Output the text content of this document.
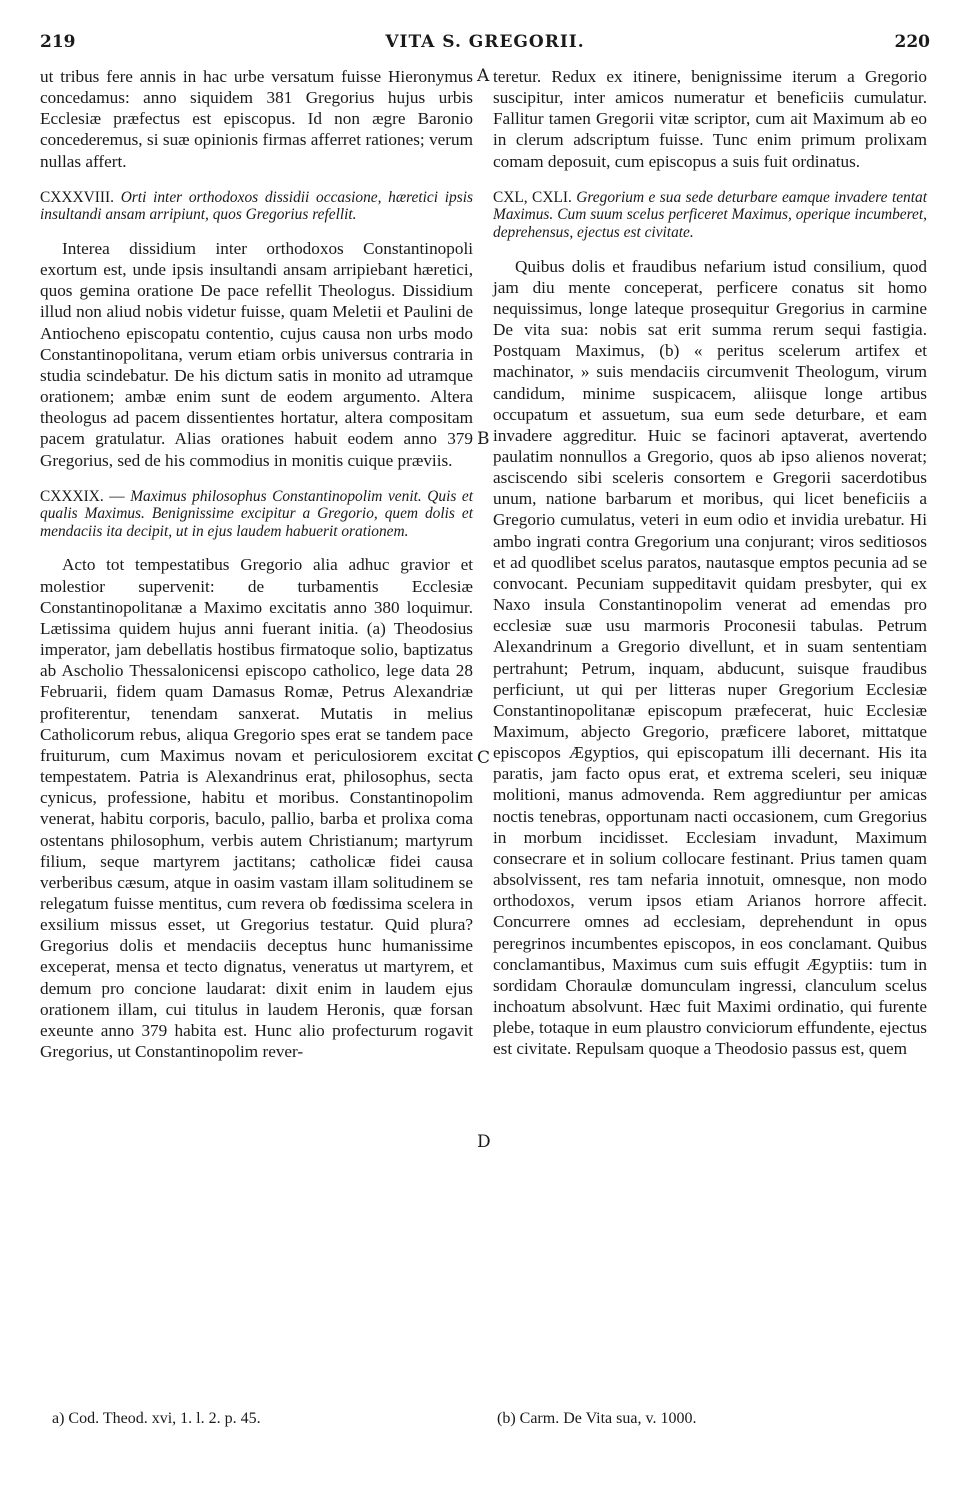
219	VITA S. GREGORII.	220

ut tribus fere annis in hac urbe versatum fuisse Hieronymus concedamus: anno siquidem 381 Gregorius hujus urbis Ecclesiæ præfectus est episcopus. Id non ægre Baronio concederemus, si suæ opinionis firmas afferret rationes; verum nullas affert.

CXXXVIII. Orti inter orthodoxos dissidii occasione, hæretici ipsis insultandi ansam arripiunt, quos Gregorius refellit.

Interea dissidium inter orthodoxos Constantinopoli exortum est, unde ipsis insultandi ansam arripiebant hæretici, quos gemina oratione De pace refellit Theologus. Dissidium illud non aliud nobis videtur fuisse, quam Meletii et Paulini de Antiocheno episcopatu contentio, cujus causa non urbs modo Constantinopolitana, verum etiam orbis universus contraria in studia scindebatur. De his dictum satis in monito ad utramque orationem; ambæ enim sunt de eodem argumento. Altera theologus ad pacem dissentientes hortatur, altera compositam pacem gratulatur. Alias orationes habuit eodem anno 379 Gregorius, sed de his commodius in monitis cuique præviis.

CXXXIX. — Maximus philosophus Constantinopolim venit. Quis et qualis Maximus. Benignissime excipitur a Gregorio, quem dolis et mendaciis ita decipit, ut in ejus laudem habuerit orationem.

Acto tot tempestatibus Gregorio alia adhuc gravior et molestior supervenit: de turbamentis Ecclesiæ Constantinopolitanæ a Maximo excitatis anno 380 loquimur. Lætissima quidem hujus anni fuerant initia. (a) Theodosius imperator, jam debellatis hostibus firmatoque solio, baptizatus ab Ascholio Thessalonicensi episcopo catholico, lege data 28 Februarii, fidem quam Damasus Romæ, Petrus Alexandriæ profiterentur, tenendam sanxerat. Mutatis in melius Catholicorum rebus, aliqua Gregorio spes erat se tandem pace fruiturum, cum Maximus novam et periculosiorem excitat tempestatem. Patria is Alexandrinus erat, philosophus, secta cynicus, professione, habitu et moribus. Constantinopolim venerat, habitu corporis, baculo, pallio, barba et prolixa coma ostentans philosophum, verbis autem Christianum; martyrum filium, seque martyrem jactitans; catholicæ fidei causa verberibus cæsum, atque in oasim vastam illam solitudinem se relegatum fuisse mentitus, cum revera ob fœdissima scelera in exsilium missus esset, ut Gregorius testatur. Quid plura? Gregorius dolis et mendaciis deceptus hunc humanissime exceperat, mensa et tecto dignatus, veneratus ut martyrem, et demum pro concione laudarat: dixit enim in laudem ejus orationem illam, cui titulus in laudem Heronis, quæ forsan exeunte anno 379 habita est. Hunc alio profecturum rogavit Gregorius, ut Constantinopolim rever-

A
B
C
D

teretur. Redux ex itinere, benignissime iterum a Gregorio suscipitur, inter amicos numeratur et beneficiis cumulatur. Fallitur tamen Gregorii vitæ scriptor, cum ait Maximum ab eo in clerum adscriptum fuisse. Tunc enim primum prolixam comam deposuit, cum episcopus a suis fuit ordinatus.

CXL, CXLI. Gregorium e sua sede deturbare eamque invadere tentat Maximus. Cum suum scelus perficeret Maximus, operique incumberet, deprehensus, ejectus est civitate.

Quibus dolis et fraudibus nefarium istud consilium, quod jam diu mente conceperat, perficere conatus sit homo nequissimus, longe lateque prosequitur Gregorius in carmine De vita sua: nobis sat erit summa rerum sequi fastigia. Postquam Maximus, (b) « peritus scelerum artifex et machinator, » suis mendaciis circumvenit Theologum, virum candidum, minime suspicacem, aliisque longe artibus occupatum et assuetum, sua eum sede deturbare, et eam invadere aggreditur. Huic se facinori aptaverat, avertendo paulatim nonnullos a Gregorio, quos ab ipso alienos noverat; asciscendo sibi sceleris consortem e Gregorii sacerdotibus unum, natione barbarum et moribus, qui licet beneficiis a Gregorio cumulatus, veteri in eum odio et invidia urebatur. Hi ambo ingrati contra Gregorium una conjurant; viros seditiosos et ad quodlibet scelus paratos, nautasque emptos pecunia ad se convocant. Pecuniam suppeditavit quidam presbyter, qui ex Naxo insula Constantinopolim venerat ad emendas pro ecclesiæ suæ usu marmoris Proconesii tabulas. Petrum Alexandrinum a Gregorio divellunt, et in suam sententiam pertrahunt; Petrum, inquam, abducunt, suisque fraudibus perficiunt, ut qui per litteras nuper Gregorium Ecclesiæ Constantinopolitanæ episcopum præfecerat, huic Ecclesiæ Maximum, abjecto Gregorio, præficere laboret, mittatque episcopos Ægyptios, qui episcopatum illi decernant. His ita paratis, jam facto opus erat, et extrema sceleri, seu iniquæ molitioni, manus admovenda. Rem aggrediuntur per amicas noctis tenebras, opportunam nacti occasionem, cum Gregorius in morbum incidisset. Ecclesiam invadunt, Maximum consecrare et in solium collocare festinant. Prius tamen quam absolvissent, res tam nefaria innotuit, omnesque, non modo orthodoxos, verum ipsos etiam Arianos horrore affecit. Concurrere omnes ad ecclesiam, deprehendunt in opus peregrinos incumbentes episcopos, in eos conclamant. Quibus conclamantibus, Maximus cum suis effugit Ægyptiis: tum in sordidam Choraulæ domunculam ingressi, clanculum scelus inchoatum absolvunt. Hæc fuit Maximi ordinatio, qui furente plebe, totaque in eum plaustro conviciorum effundente, ejectus est civitate. Repulsam quoque a Theodosio passus est, quem

a) Cod. Theod. xvi, 1. l. 2. p. 45.	(b) Carm. De Vita sua, v. 1000.
